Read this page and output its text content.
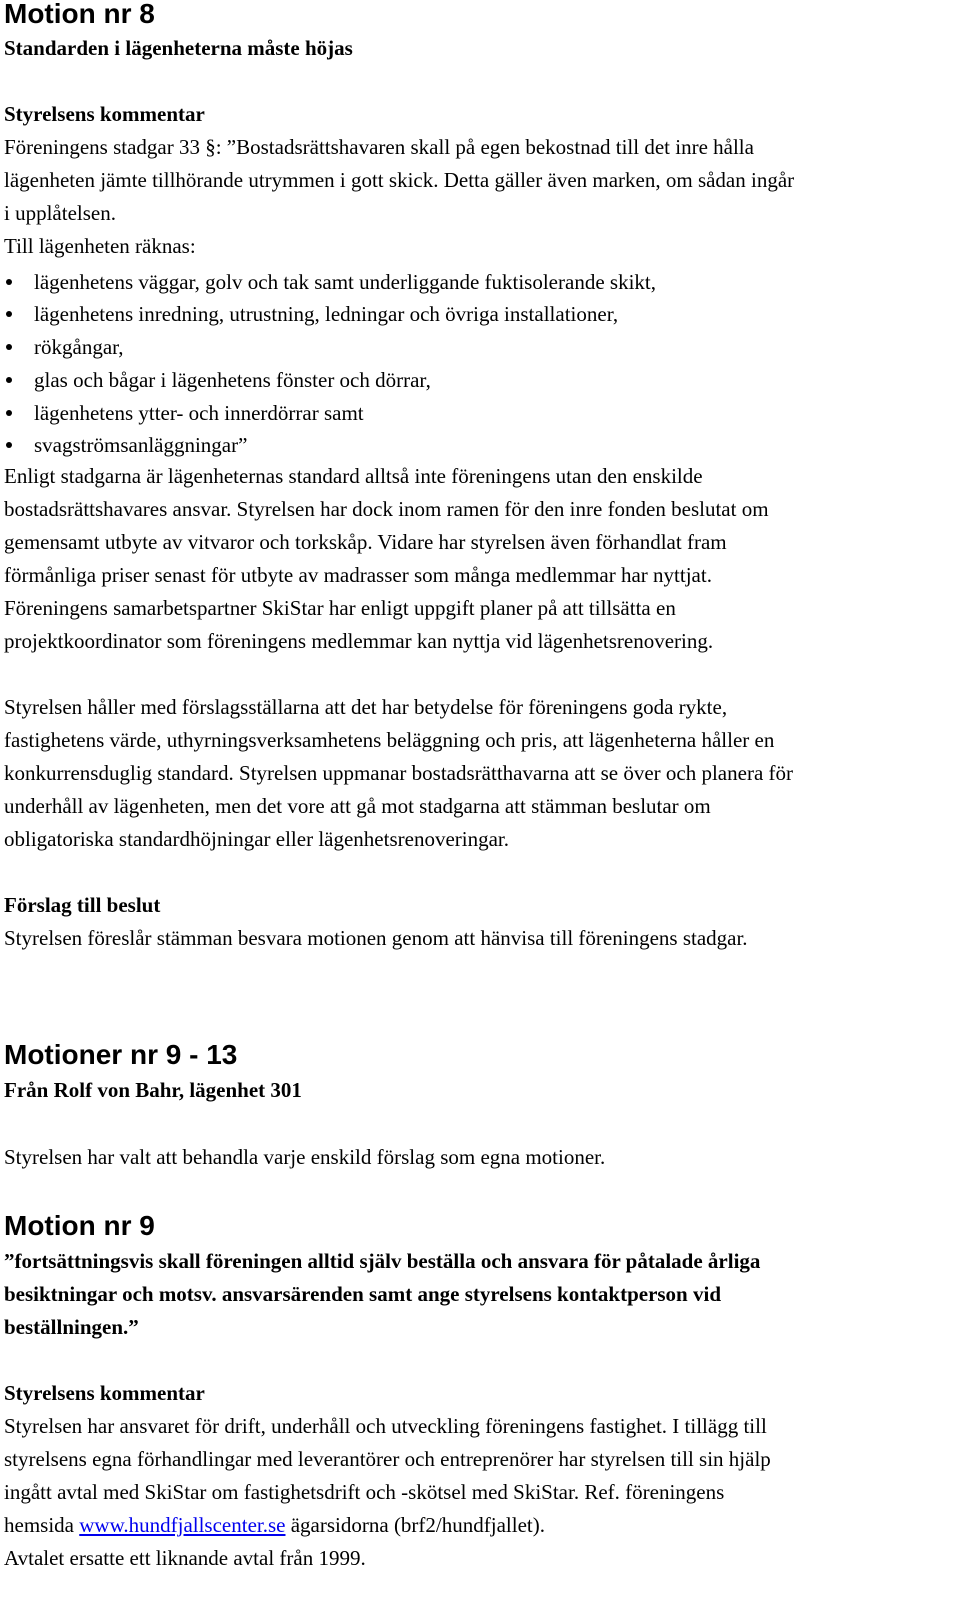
Motion nr 8
Standarden i lägenheterna måste höjas
Styrelsens kommentar
Föreningens stadgar 33 §: ”Bostadsrättshavaren skall på egen bekostnad till det inre hålla
lägenheten jämte tillhörande utrymmen i gott skick. Detta gäller även marken, om sådan ingår
i upplåtelsen.
Till lägenheten räknas:
lägenhetens väggar, golv och tak samt underliggande fuktisolerande skikt,
lägenhetens inredning, utrustning, ledningar och övriga installationer,
rökgångar,
glas och bågar i lägenhetens fönster och dörrar,
lägenhetens ytter- och innerdörrar samt
svagströmsanläggningar”
Enligt stadgarna är lägenheternas standard alltså inte föreningens utan den enskilde
bostadsrättshavares ansvar. Styrelsen har dock inom ramen för den inre fonden beslutat om
gemensamt utbyte av vitvaror och torkskåp. Vidare har styrelsen även förhandlat fram
förmånliga priser senast för utbyte av madrasser som många medlemmar har nyttjat.
Föreningens samarbetspartner SkiStar har enligt uppgift planer på att tillsätta en
projektkoordinator som föreningens medlemmar kan nyttja vid lägenhetsrenovering.
Styrelsen håller med förslagsställarna att det har betydelse för föreningens goda rykte,
fastighetens värde, uthyrningsverksamhetens beläggning och pris, att lägenheterna håller en
konkurrensduglig standard. Styrelsen uppmanar bostadsrätthavarna att se över och planera för
underhåll av lägenheten, men det vore att gå mot stadgarna att stämman beslutar om
obligatoriska standardhöjningar eller lägenhetsrenoveringar.
Förslag till beslut
Styrelsen föreslår stämman besvara motionen genom att hänvisa till föreningens stadgar.
Motioner nr 9 - 13
Från Rolf von Bahr, lägenhet 301
Styrelsen har valt att behandla varje enskild förslag som egna motioner.
Motion nr 9
”fortsättningsvis skall föreningen alltid själv beställa och ansvara för påtalade årliga
besiktningar och motsv. ansvarsärenden samt ange styrelsens kontaktperson vid
beställningen.”
Styrelsens kommentar
Styrelsen har ansvaret för drift, underhåll och utveckling föreningens fastighet. I tillägg till
styrelsens egna förhandlingar med leverantörer och entreprenörer har styrelsen till sin hjälp
ingått avtal med SkiStar om fastighetsdrift och -skötsel med SkiStar. Ref. föreningens
hemsida www.hundfjallscenter.se ägarsidorna (brf2/hundfjallet).
Avtalet ersatte ett liknande avtal från 1999.
